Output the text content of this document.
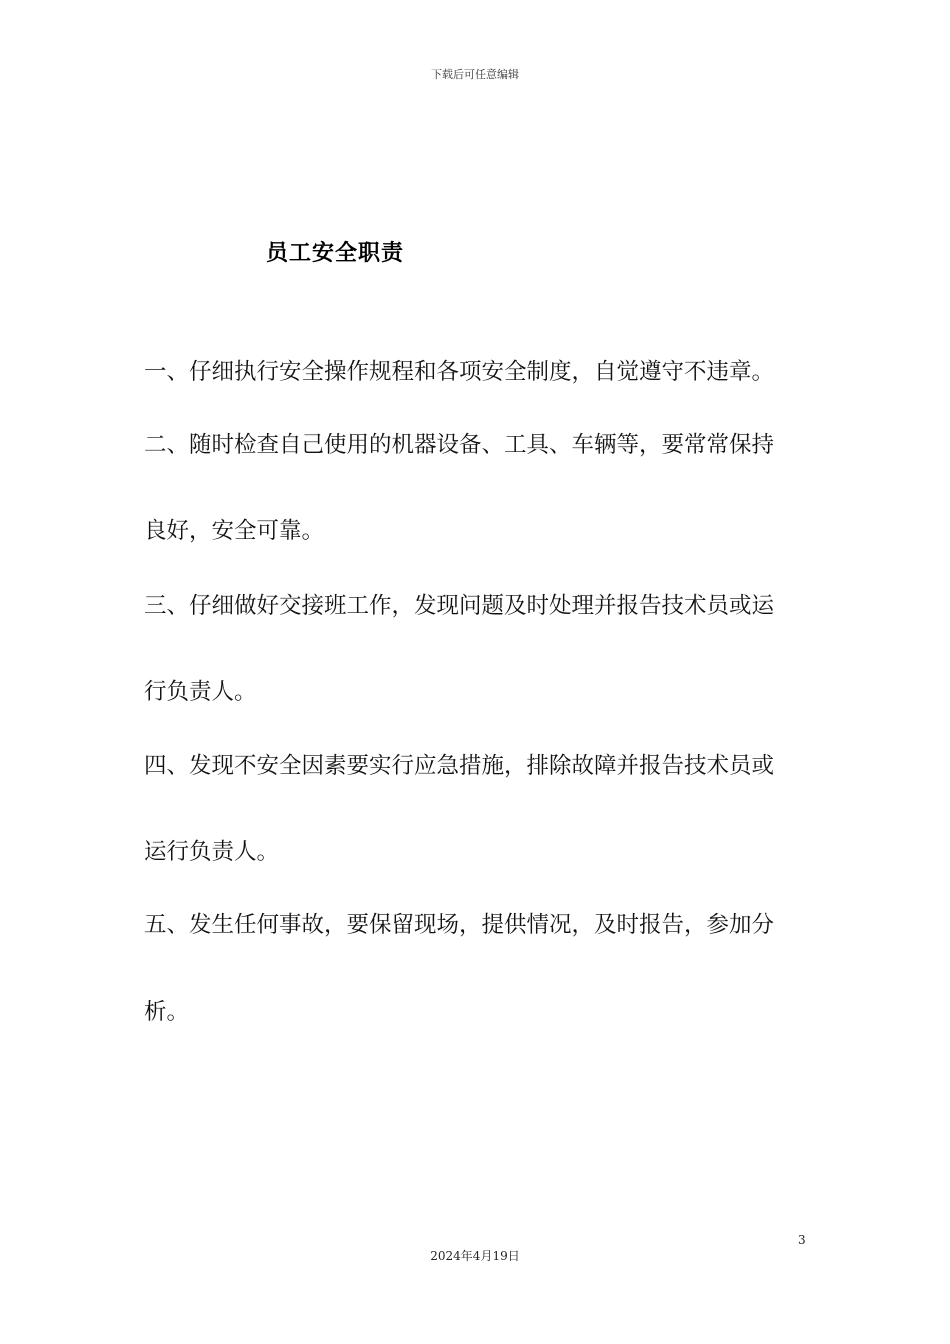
下载后可任意编辑
员工安全职责
一、仔细执行安全操作规程和各项安全制度，自觉遵守不违章。
二、随时检查自己使用的机器设备、工具、车辆等，要常常保持
良好，安全可靠。
三、仔细做好交接班工作，发现问题及时处理并报告技术员或运
行负责人。
四、发现不安全因素要实行应急措施，排除故障并报告技术员或
运行负责人。
五、发生任何事故，要保留现场，提供情况，及时报告，参加分
析。
3
2024年4月19日
